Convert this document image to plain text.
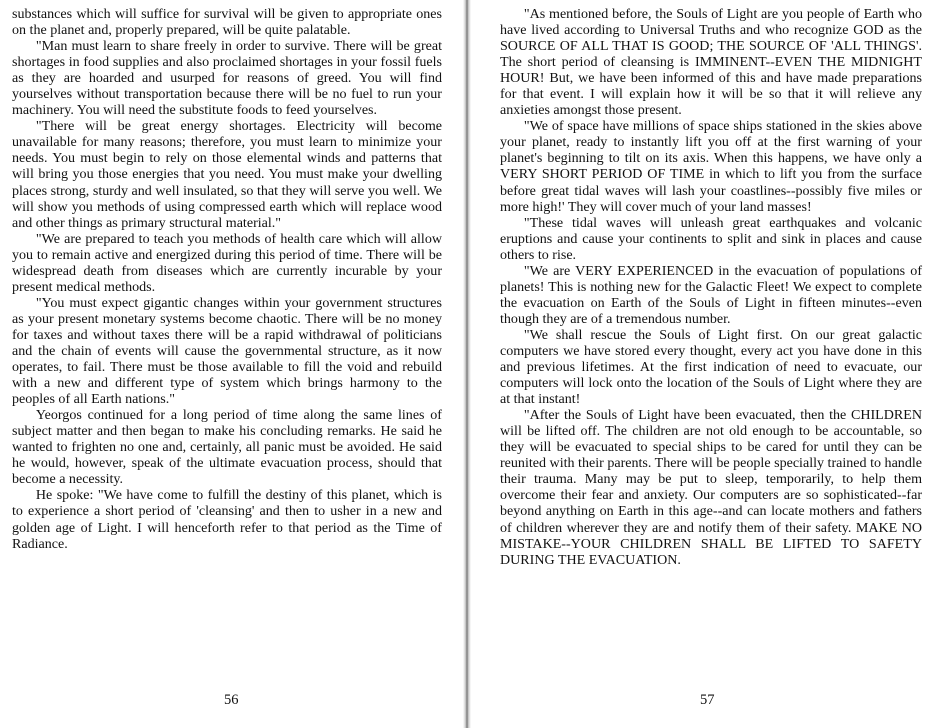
substances which will suffice for survival will be given to appropriate ones on the planet and, properly prepared, will be quite palatable.

"Man must learn to share freely in order to survive. There will be great shortages in food supplies and also proclaimed shortages in your fossil fuels as they are hoarded and usurped for reasons of greed. You will find yourselves without transportation because there will be no fuel to run your machinery. You will need the substitute foods to feed yourselves.

"There will be great energy shortages. Electricity will become unavailable for many reasons; therefore, you must learn to minimize your needs. You must begin to rely on those elemental winds and patterns that will bring you those energies that you need. You must make your dwelling places strong, sturdy and well insulated, so that they will serve you well. We will show you methods of using compressed earth which will replace wood and other things as primary structural material."

"We are prepared to teach you methods of health care which will allow you to remain active and energized during this period of time. There will be widespread death from diseases which are currently incurable by your present medical methods.

"You must expect gigantic changes within your government structures as your present monetary systems become chaotic. There will be no money for taxes and without taxes there will be a rapid withdrawal of politicians and the chain of events will cause the governmental structure, as it now operates, to fail. There must be those available to fill the void and rebuild with a new and different type of system which brings harmony to the peoples of all Earth nations."

Yeorgos continued for a long period of time along the same lines of subject matter and then began to make his concluding remarks. He said he wanted to frighten no one and, certainly, all panic must be avoided. He said he would, however, speak of the ultimate evacuation process, should that become a necessity.

He spoke: "We have come to fulfill the destiny of this planet, which is to experience a short period of 'cleansing' and then to usher in a new and golden age of Light. I will henceforth refer to that period as the Time of Radiance.

56

"As mentioned before, the Souls of Light are you people of Earth who have lived according to Universal Truths and who recognize GOD as the SOURCE OF ALL THAT IS GOOD; THE SOURCE OF 'ALL THINGS'. The short period of cleansing is IMMINENT--EVEN THE MIDNIGHT HOUR! But, we have been informed of this and have made preparations for that event. I will explain how it will be so that it will relieve any anxieties amongst those present.

"We of space have millions of space ships stationed in the skies above your planet, ready to instantly lift you off at the first warning of your planet's beginning to tilt on its axis. When this happens, we have only a VERY SHORT PERIOD OF TIME in which to lift you from the surface before great tidal waves will lash your coastlines--possibly five miles or more high!' They will cover much of your land masses!

"These tidal waves will unleash great earthquakes and volcanic eruptions and cause your continents to split and sink in places and cause others to rise.

"We are VERY EXPERIENCED in the evacuation of populations of planets! This is nothing new for the Galactic Fleet! We expect to complete the evacuation on Earth of the Souls of Light in fifteen minutes--even though they are of a tremendous number.

"We shall rescue the Souls of Light first. On our great galactic computers we have stored every thought, every act you have done in this and previous lifetimes. At the first indication of need to evacuate, our computers will lock onto the location of the Souls of Light where they are at that instant!

"After the Souls of Light have been evacuated, then the CHILDREN will be lifted off. The children are not old enough to be accountable, so they will be evacuated to special ships to be cared for until they can be reunited with their parents. There will be people specially trained to handle their trauma. Many may be put to sleep, temporarily, to help them overcome their fear and anxiety. Our computers are so sophisticated--far beyond anything on Earth in this age--and can locate mothers and fathers of children wherever they are and notify them of their safety. MAKE NO MISTAKE--YOUR CHILDREN SHALL BE LIFTED TO SAFETY DURING THE EVACUATION.

57
